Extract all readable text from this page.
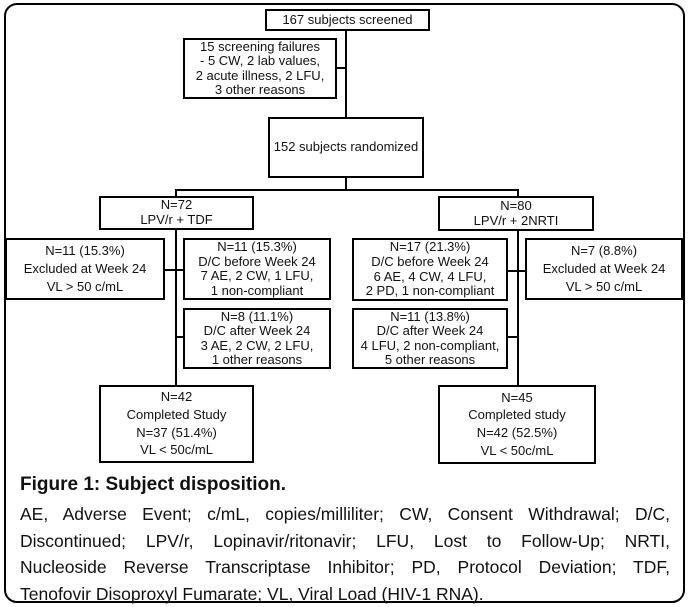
167 subjects screened
15 screening failures
- 5 CW, 2 lab values,
2 acute illness, 2 LFU,
3 other reasons
152 subjects randomized
N=72
LPV/r + TDF
N=80
LPV/r + 2NRTI
N=11 (15.3%)
Excluded at Week 24
VL > 50 c/mL
N=11 (15.3%)
D/C before Week 24
7 AE, 2 CW, 1 LFU,
1 non-compliant
N=17 (21.3%)
D/C before Week 24
6 AE, 4 CW, 4 LFU,
2 PD, 1 non-compliant
N=7 (8.8%)
Excluded at Week 24
VL > 50 c/mL
N=8 (11.1%)
D/C after Week 24
3 AE, 2 CW, 2 LFU,
1 other reasons
N=11 (13.8%)
D/C after Week 24
4 LFU, 2 non-compliant,
5 other reasons
N=42
Completed Study
N=37 (51.4%)
VL < 50c/mL
N=45
Completed study
N=42 (52.5%)
VL < 50c/mL
Figure 1: Subject disposition.
AE, Adverse Event; c/mL, copies/milliliter; CW, Consent Withdrawal; D/C,
Discontinued; LPV/r, Lopinavir/ritonavir; LFU, Lost to Follow-Up; NRTI,
Nucleoside Reverse Transcriptase Inhibitor; PD, Protocol Deviation; TDF,
Tenofovir Disoproxyl Fumarate; VL, Viral Load (HIV-1 RNA).
